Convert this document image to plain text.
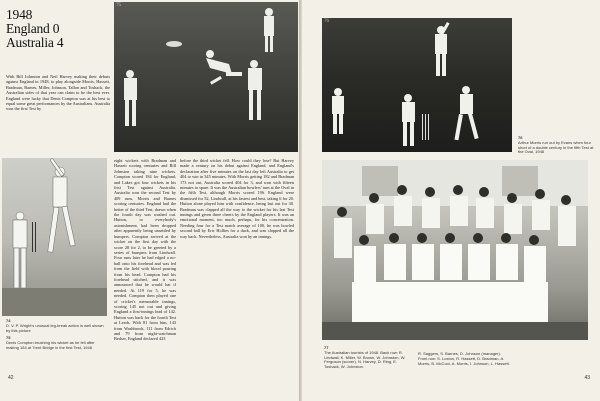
1948
England 0
Australia 4
75
With Bill Johnston and Neil Harvey making their debuts against England in 1948, to play alongside Morris, Hassett, Bradman, Barnes, Miller, Johnson, Tallon and Toshack, the Australian sides of that year can claim to be the best ever. England were lucky that Denis Compton was at his best to equal some great performances by the Australians. Australia won the first Test by
74
D. V. P. Wright's unusual leg-break action is well shown by this picture
75
Denis Compton brushing his wicket as he fell after making 184 at Trent Bridge in the first Test, 1948
eight wickets with Bradman and Hassett scoring centuries and Bill Johnston taking nine wickets. Compton scored 184 for England, and Lakes got four wickets in his first Test against Australia. Australia won the second Test by 409 runs, Morris and Barnes scoring centuries. England had the better of the third Test, drawn when the fourth day was washed out. Hutton, to everybody's astonishment, had been dropped after apparently being unsettled by bumpers. Compton arrived at the wicket on the first day with the score 28 for 2, to be greeted by a series of bumpers from Lindwall. Four runs later he had edged a no-ball onto his forehead and was led from the field with blood pouring from his head. Compton had his forehead stitched, and it was announced that he would bat if needed. At 119 for 5, he was needed. Compton then played one of cricket's memorable innings, scoring 145 not out and giving England a first-innings lead of 142. Hutton was back for the fourth Test at Leeds. With 81 from him, 143 from Washbrook, 111 from Edrich and 79 from night-watchman Bedser, England declared 423
42
before the third wicket fell. How could they lose? But Harvey made a century on his debut against England, and England's declaration after five minutes on the last day left Australia to get 404 to win in 345 minutes. With Morris getting 182 and Bradman 173 not out, Australia scored 404 for 3, and won with fifteen minutes to spare. It was the Australian bowlers' turn at the Oval in the fifth Test, although Morris scored 196. England were dismissed for 52, Lindwall, at his fastest and best, taking 6 for 20. Hutton alone played him with confidence, being last out for 30. Bradman was clapped all the way to the wicket for his last Test innings and given three cheers by the England players. It was an emotional moment, too much, perhaps, for his concentration. Needing four for a Test match average of 100, he was bowled second ball by Eric Hollies for a duck, and was clapped all the way back. Nevertheless, Australia won by an innings.
76
76
Arthur Morris run out by Evans when four short of a double century in the fifth Test at the Oval, 1948
77
The Australian tourists of 1948. Back row: R. Lindwall, K. Miller, W. Brown, W. Johnston, W. Ferguson (scorer), N. Harvey, D. Ring, E. Toshack, W. Johnston.
R. Saggers, S. Barnes, D. Johnson (manager). Front row: S. Loxton, R. Hassett, D. Bradman, A. Morris, B. McCool, A. Morris, I. Johnson, L. Hassett.
43
